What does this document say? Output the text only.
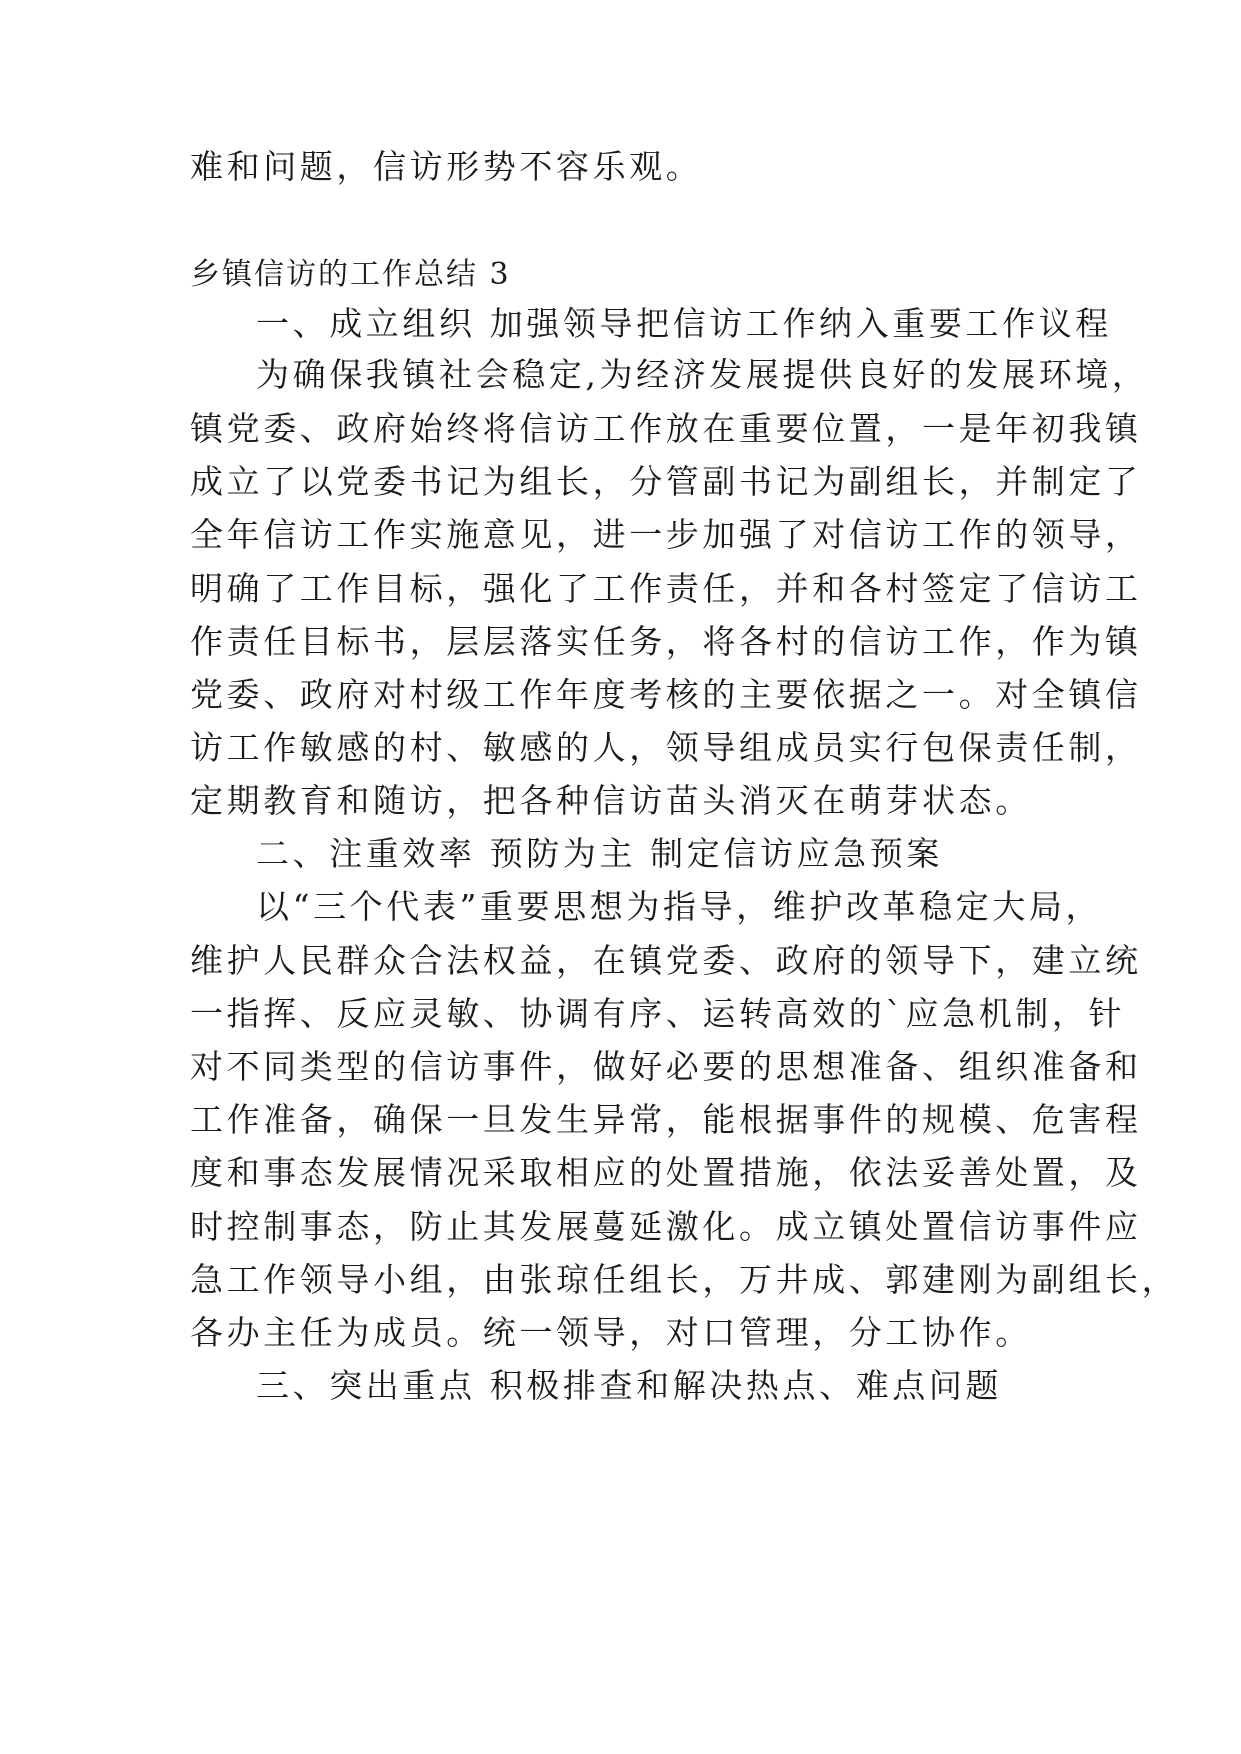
难和问题，信访形势不容乐观。
乡镇信访的工作总结 3
一、成立组织 加强领导把信访工作纳入重要工作议程
为确保我镇社会稳定,为经济发展提供良好的发展环境，
镇党委、政府始终将信访工作放在重要位置，一是年初我镇
成立了以党委书记为组长，分管副书记为副组长，并制定了
全年信访工作实施意见，进一步加强了对信访工作的领导，
明确了工作目标，强化了工作责任，并和各村签定了信访工
作责任目标书，层层落实任务，将各村的信访工作，作为镇
党委、政府对村级工作年度考核的主要依据之一。对全镇信
访工作敏感的村、敏感的人，领导组成员实行包保责任制，
定期教育和随访，把各种信访苗头消灭在萌芽状态。
二、注重效率 预防为主 制定信访应急预案
以“三个代表”重要思想为指导，维护改革稳定大局，
维护人民群众合法权益，在镇党委、政府的领导下，建立统
一指挥、反应灵敏、协调有序、运转高效的`应急机制，针
对不同类型的信访事件，做好必要的思想准备、组织准备和
工作准备，确保一旦发生异常，能根据事件的规模、危害程
度和事态发展情况采取相应的处置措施，依法妥善处置，及
时控制事态，防止其发展蔓延激化。成立镇处置信访事件应
急工作领导小组，由张琼任组长，万井成、郭建刚为副组长，
各办主任为成员。统一领导，对口管理，分工协作。
三、突出重点 积极排查和解决热点、难点问题
